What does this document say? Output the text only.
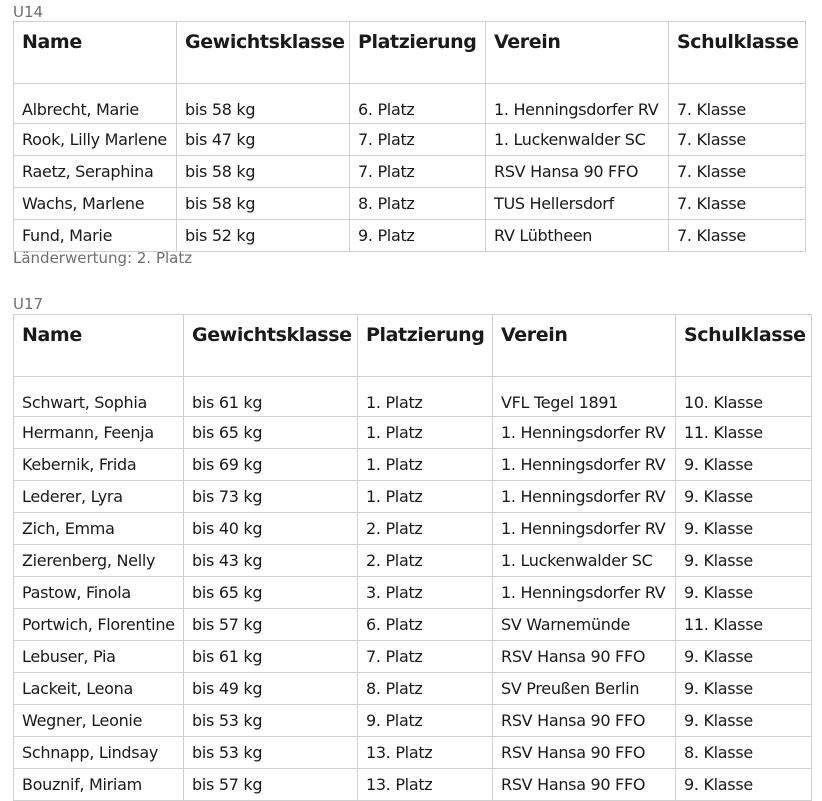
U14
Name	Gewichtsklasse	Platzierung	Verein	Schulklasse
Albrecht, Marie	bis 58 kg	6. Platz	1. Henningsdorfer RV	7. Klasse
Rook, Lilly Marlene	bis 47 kg	7. Platz	1. Luckenwalder SC	7. Klasse
Raetz, Seraphina	bis 58 kg	7. Platz	RSV Hansa 90 FFO	7. Klasse
Wachs, Marlene	bis 58 kg	8. Platz	TUS Hellersdorf	7. Klasse
Fund, Marie	bis 52 kg	9. Platz	RV Lübtheen	7. Klasse
Länderwertung: 2. Platz
U17
Name	Gewichtsklasse	Platzierung	Verein	Schulklasse
Schwart, Sophia	bis 61 kg	1. Platz	VFL Tegel 1891	10. Klasse
Hermann, Feenja	bis 65 kg	1. Platz	1. Henningsdorfer RV	11. Klasse
Kebernik, Frida	bis 69 kg	1. Platz	1. Henningsdorfer RV	9. Klasse
Lederer, Lyra	bis 73 kg	1. Platz	1. Henningsdorfer RV	9. Klasse
Zich, Emma	bis 40 kg	2. Platz	1. Henningsdorfer RV	9. Klasse
Zierenberg, Nelly	bis 43 kg	2. Platz	1. Luckenwalder SC	9. Klasse
Pastow, Finola	bis 65 kg	3. Platz	1. Henningsdorfer RV	9. Klasse
Portwich, Florentine	bis 57 kg	6. Platz	SV Warnemünde	11. Klasse
Lebuser, Pia	bis 61 kg	7. Platz	RSV Hansa 90 FFO	9. Klasse
Lackeit, Leona	bis 49 kg	8. Platz	SV Preußen Berlin	9. Klasse
Wegner, Leonie	bis 53 kg	9. Platz	RSV Hansa 90 FFO	9. Klasse
Schnapp, Lindsay	bis 53 kg	13. Platz	RSV Hansa 90 FFO	8. Klasse
Bouznif, Miriam	bis 57 kg	13. Platz	RSV Hansa 90 FFO	9. Klasse
